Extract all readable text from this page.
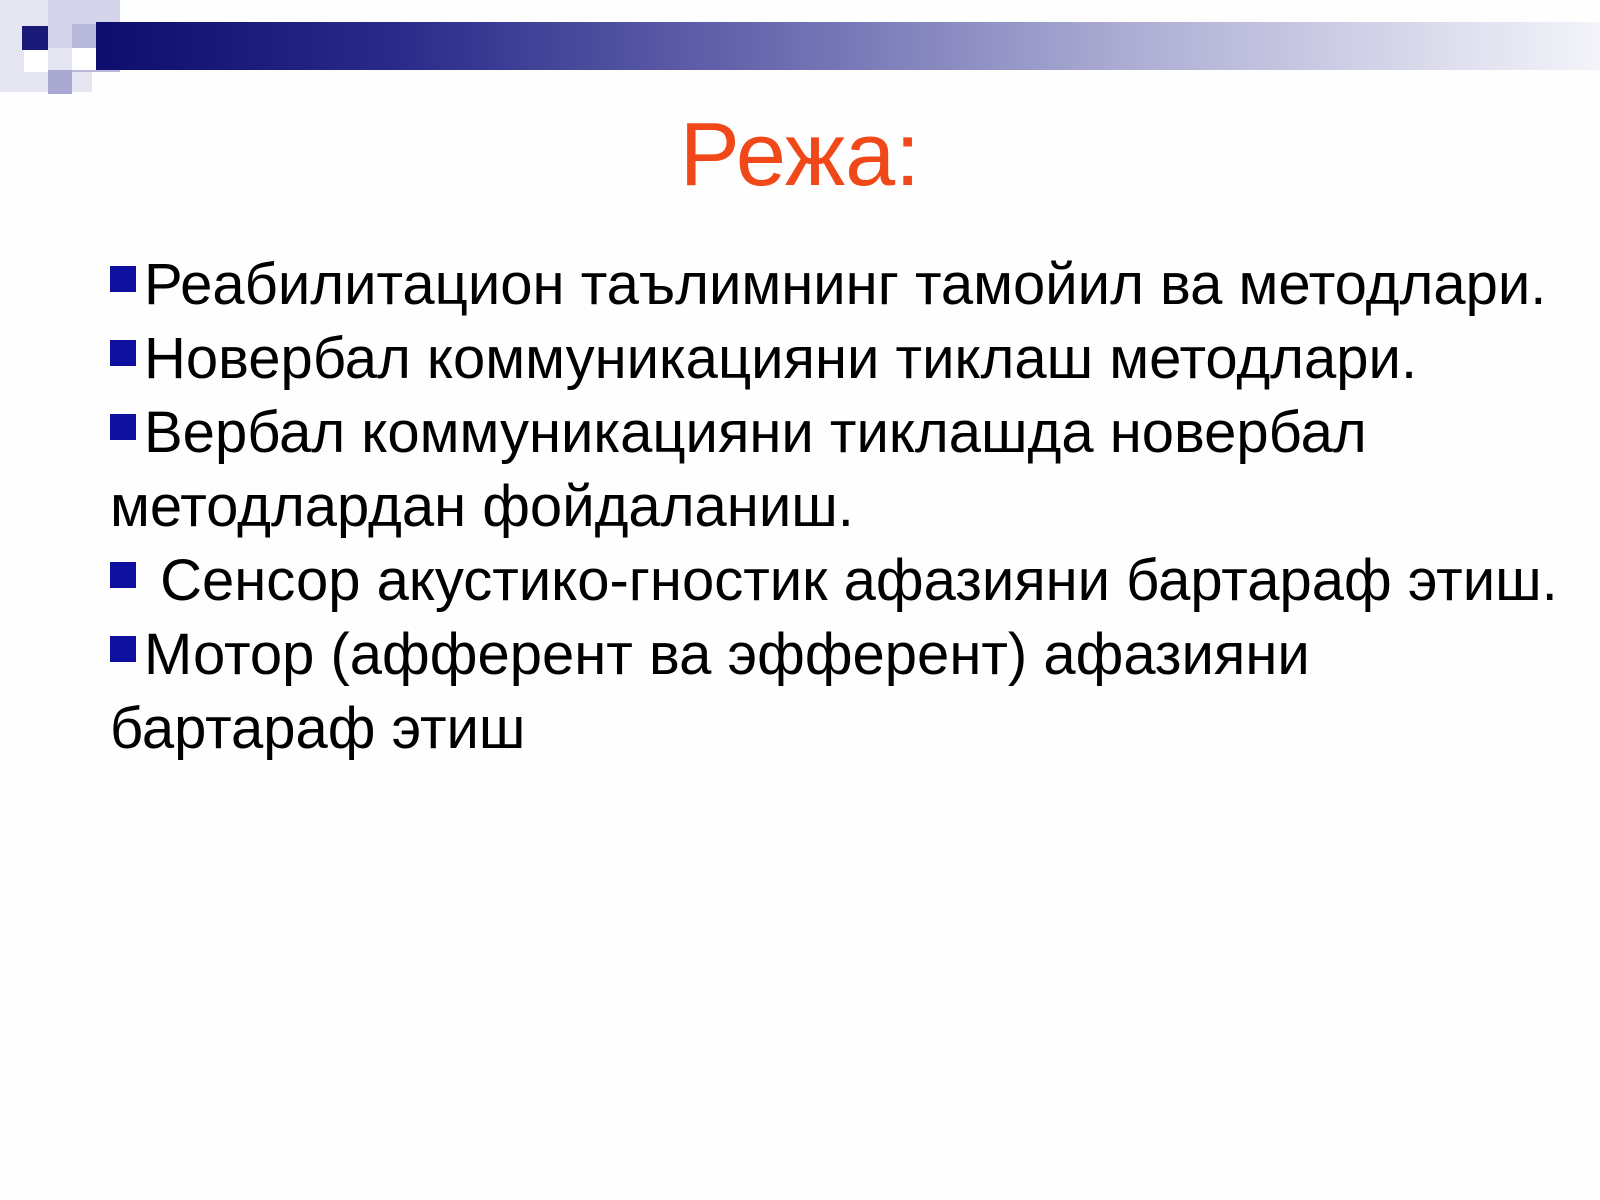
Режа:
Реабилитацион таълимнинг тамойил ва методлари.
Новербал коммуникацияни тиклаш методлари.
Вербал коммуникацияни тиклашда новербал методлардан фойдаланиш.
Сенсор акустико-гностик афазияни бартараф этиш.
Мотор (афферент ва эфферент) афазияни бартараф этиш
